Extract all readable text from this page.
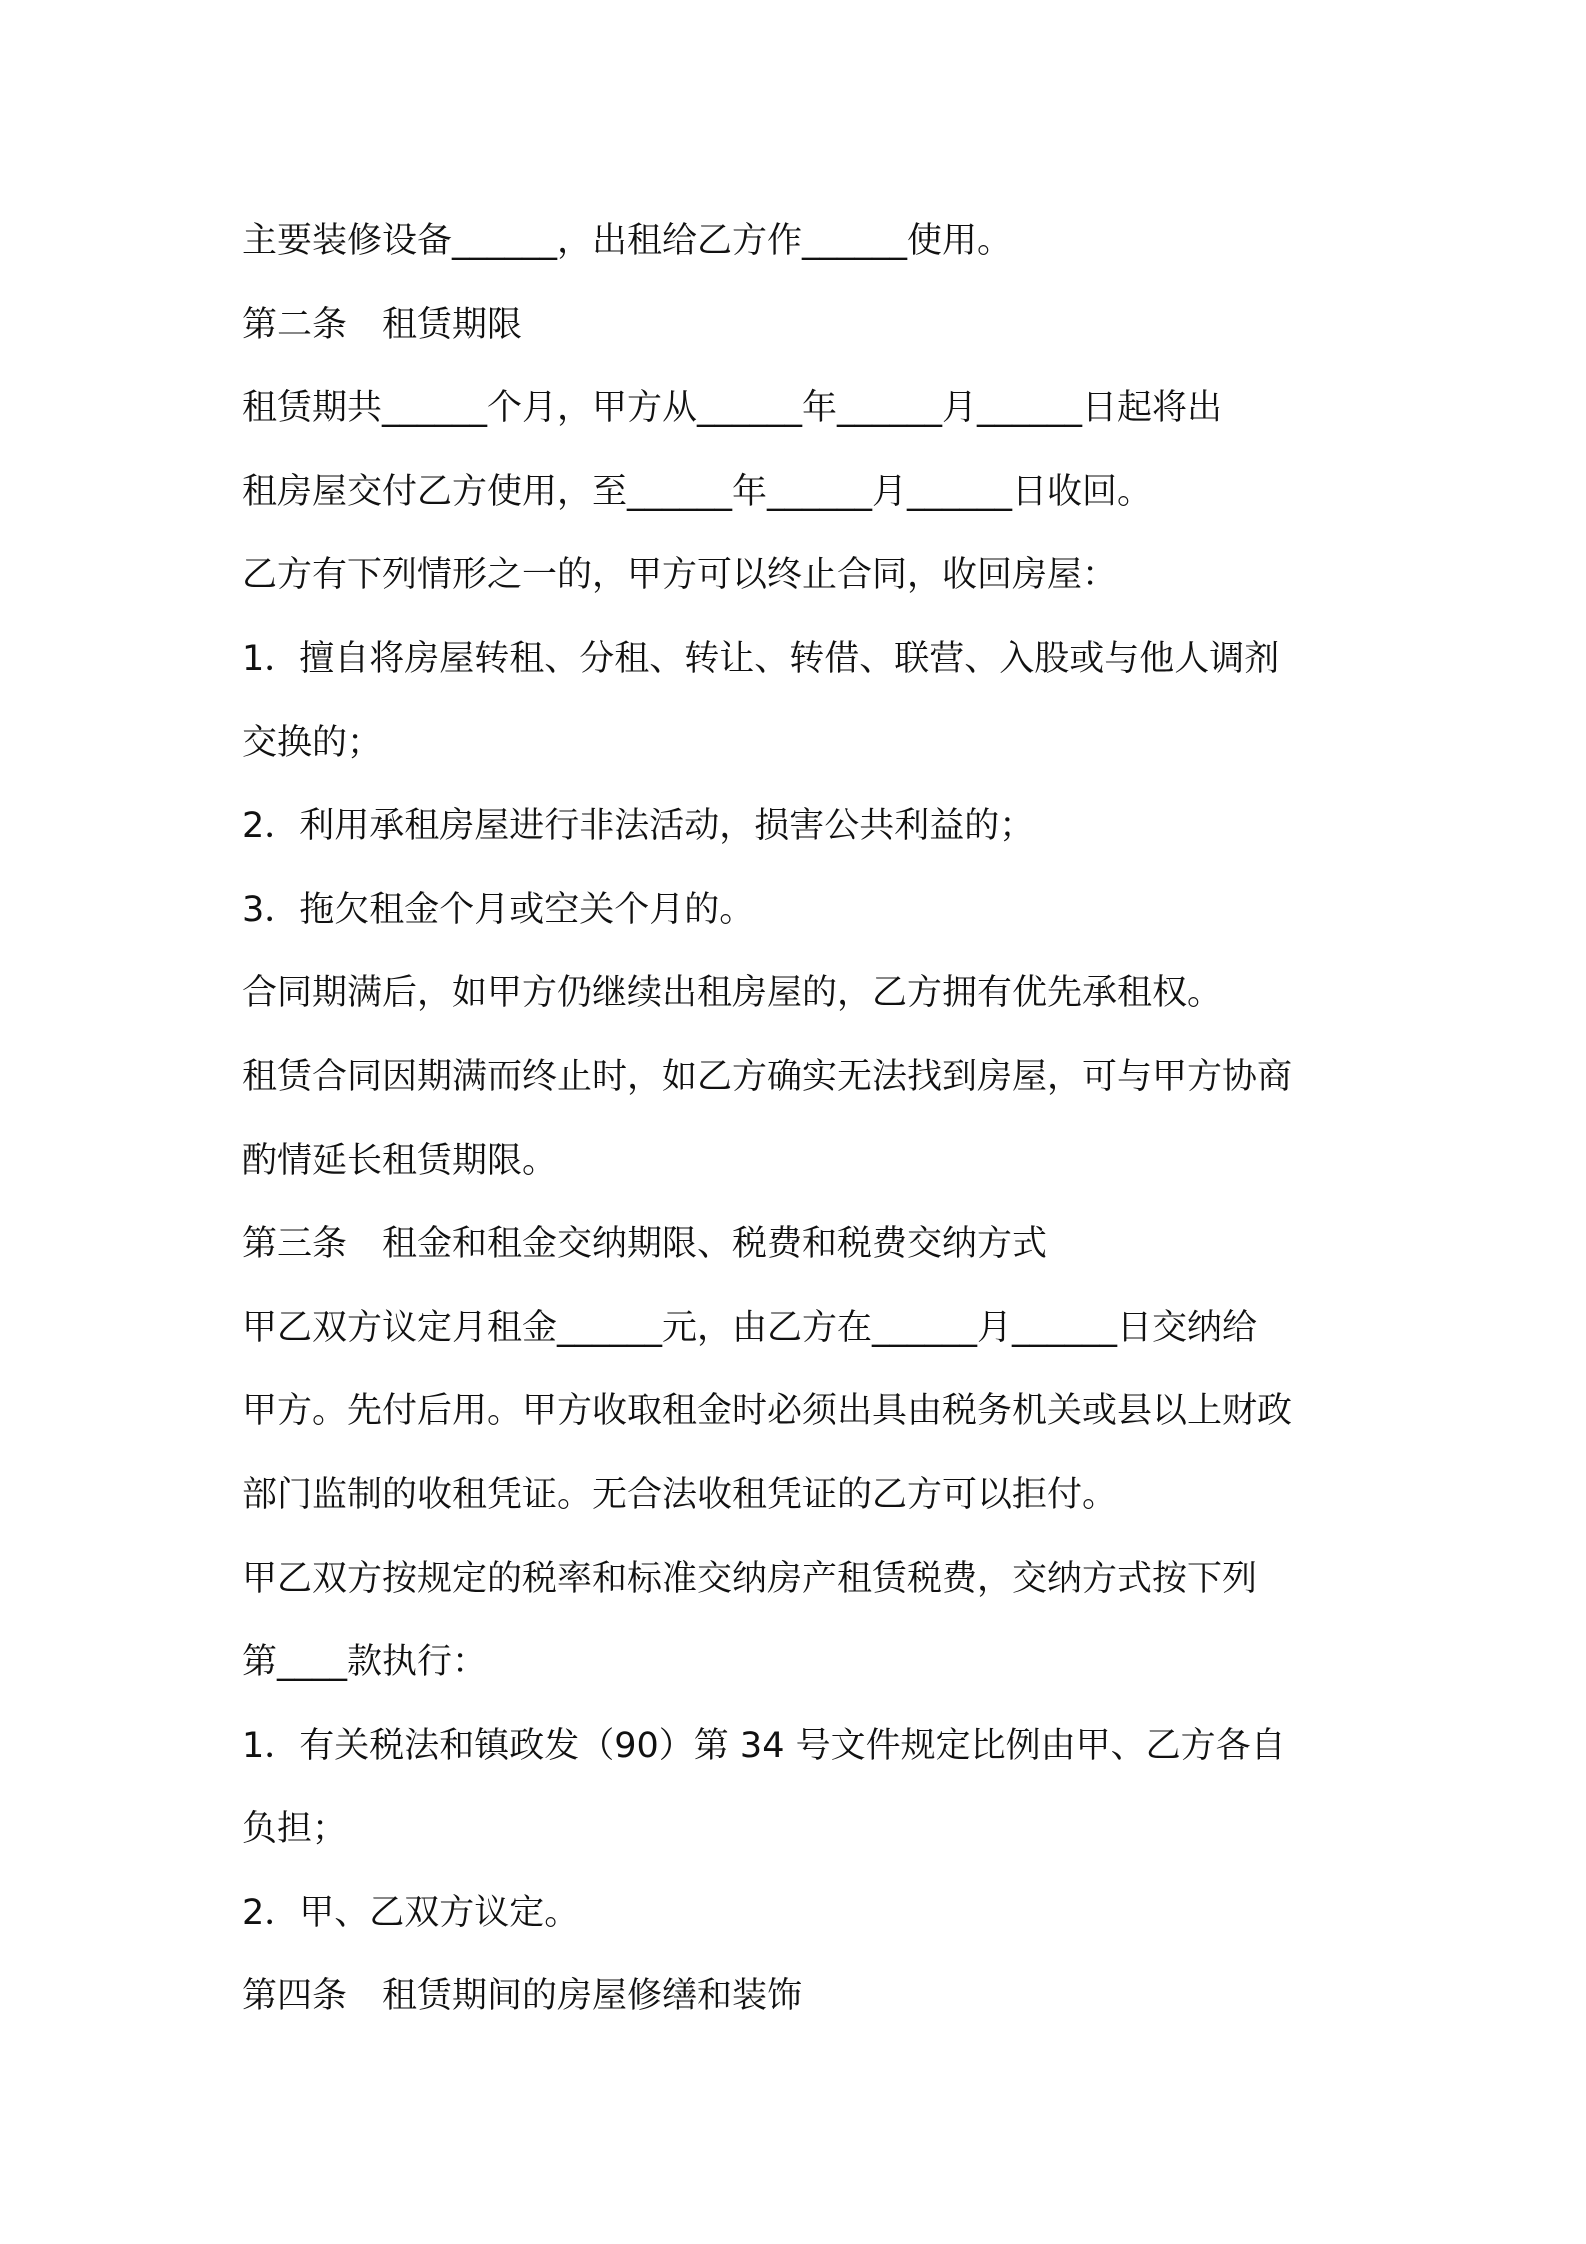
主要装修设备______，出租给乙方作______使用。
第二条　租赁期限
租赁期共______个月，甲方从______年______月______日起将出
租房屋交付乙方使用，至______年______月______日收回。
乙方有下列情形之一的，甲方可以终止合同，收回房屋：
1．擅自将房屋转租、分租、转让、转借、联营、入股或与他人调剂
交换的；
2．利用承租房屋进行非法活动，损害公共利益的；
3．拖欠租金个月或空关个月的。
合同期满后，如甲方仍继续出租房屋的，乙方拥有优先承租权。
租赁合同因期满而终止时，如乙方确实无法找到房屋，可与甲方协商
酌情延长租赁期限。
第三条　租金和租金交纳期限、税费和税费交纳方式
甲乙双方议定月租金______元，由乙方在______月______日交纳给
甲方。先付后用。甲方收取租金时必须出具由税务机关或县以上财政
部门监制的收租凭证。无合法收租凭证的乙方可以拒付。
甲乙双方按规定的税率和标准交纳房产租赁税费，交纳方式按下列
第____款执行：
1．有关税法和镇政发（90）第 34 号文件规定比例由甲、乙方各自
负担；
2．甲、乙双方议定。
第四条　租赁期间的房屋修缮和装饰
